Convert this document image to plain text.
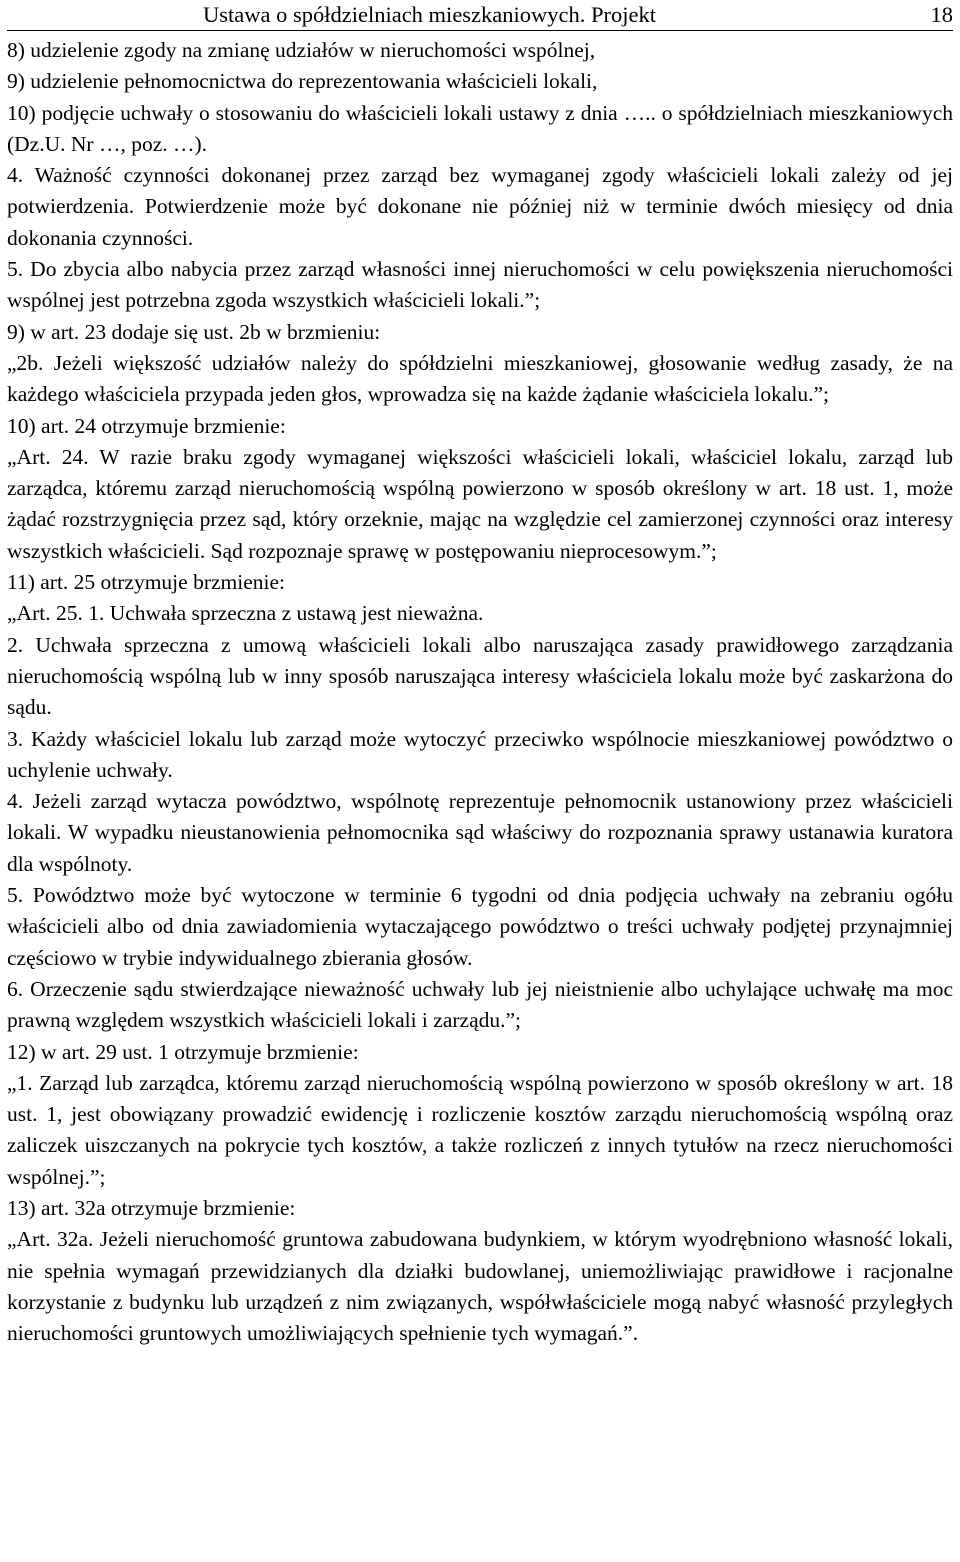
Ustawa o spółdzielniach mieszkaniowych. Projekt	18

8) udzielenie zgody na zmianę udziałów w nieruchomości wspólnej,

9) udzielenie pełnomocnictwa do reprezentowania właścicieli lokali,

10) podjęcie uchwały o stosowaniu do właścicieli lokali ustawy z dnia ….. o spółdzielniach mieszkaniowych (Dz.U. Nr …, poz. …).

4. Ważność czynności dokonanej przez zarząd bez wymaganej zgody właścicieli lokali zależy od jej potwierdzenia. Potwierdzenie może być dokonane nie później niż w terminie dwóch miesięcy od dnia dokonania czynności.

5. Do zbycia albo nabycia przez zarząd własności innej nieruchomości w celu powiększenia nieruchomości wspólnej jest potrzebna zgoda wszystkich właścicieli lokali.”;

9) w art. 23 dodaje się ust. 2b w brzmieniu:

„2b. Jeżeli większość udziałów należy do spółdzielni mieszkaniowej, głosowanie według zasady, że na każdego właściciela przypada jeden głos, wprowadza się na każde żądanie właściciela lokalu.”;

10) art. 24 otrzymuje brzmienie:

„Art. 24. W razie braku zgody wymaganej większości właścicieli lokali, właściciel lokalu, zarząd lub zarządca, któremu zarząd nieruchomością wspólną powierzono w sposób określony w art. 18 ust. 1, może żądać rozstrzygnięcia przez sąd, który orzeknie, mając na względzie cel zamierzonej czynności oraz interesy wszystkich właścicieli. Sąd rozpoznaje sprawę w postępowaniu nieprocesowym.”;

11) art. 25 otrzymuje brzmienie:

„Art. 25. 1. Uchwała sprzeczna z ustawą jest nieważna.

2. Uchwała sprzeczna z umową właścicieli lokali albo naruszająca zasady prawidłowego zarządzania nieruchomością wspólną lub w inny sposób naruszająca interesy właściciela lokalu może być zaskarżona do sądu.

3. Każdy właściciel lokalu lub zarząd może wytoczyć przeciwko wspólnocie mieszkaniowej powództwo o uchylenie uchwały.

4. Jeżeli zarząd wytacza powództwo, wspólnotę reprezentuje pełnomocnik ustanowiony przez właścicieli lokali. W wypadku nieustanowienia pełnomocnika sąd właściwy do rozpoznania sprawy ustanawia kuratora dla wspólnoty.

5. Powództwo może być wytoczone w terminie 6 tygodni od dnia podjęcia uchwały na zebraniu ogółu właścicieli albo od dnia zawiadomienia wytaczającego powództwo o treści uchwały podjętej przynajmniej częściowo w trybie indywidualnego zbierania głosów.

6. Orzeczenie sądu stwierdzające nieważność uchwały lub jej nieistnienie albo uchylające uchwałę ma moc prawną względem wszystkich właścicieli lokali i zarządu.”;

12) w art. 29 ust. 1 otrzymuje brzmienie:

„1. Zarząd lub zarządca, któremu zarząd nieruchomością wspólną powierzono w sposób określony w art. 18 ust. 1, jest obowiązany prowadzić ewidencję i rozliczenie kosztów zarządu nieruchomością wspólną oraz zaliczek uiszczanych na pokrycie tych kosztów, a także rozliczeń z innych tytułów na rzecz nieruchomości wspólnej.”;

13) art. 32a otrzymuje brzmienie:

„Art. 32a. Jeżeli nieruchomość gruntowa zabudowana budynkiem, w którym wyodrębniono własność lokali, nie spełnia wymagań przewidzianych dla działki budowlanej, uniemożliwiając prawidłowe i racjonalne korzystanie z budynku lub urządzeń z nim związanych, współwłaściciele mogą nabyć własność przyległych nieruchomości gruntowych umożliwiających spełnienie tych wymagań.”.
